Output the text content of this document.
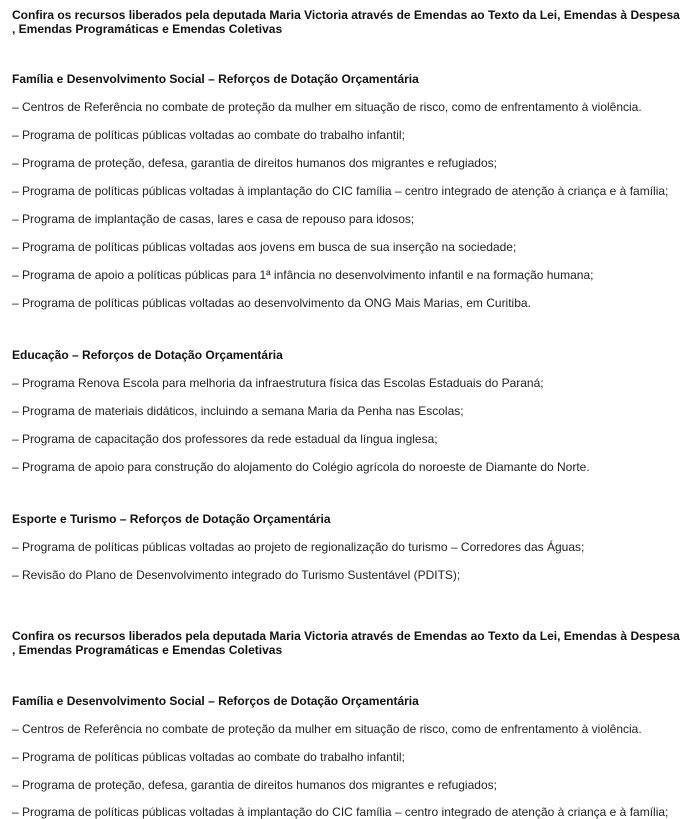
Confira os recursos liberados pela deputada Maria Victoria através de Emendas ao Texto da Lei, Emendas à Despesa

, Emendas Programáticas e Emendas Coletivas

Família e Desenvolvimento Social – Reforços de Dotação Orçamentária

– Centros de Referência no combate de proteção da mulher em situação de risco, como de enfrentamento à violência.

– Programa de políticas públicas voltadas ao combate do trabalho infantil;

– Programa de proteção, defesa, garantia de direitos humanos dos migrantes e refugiados;

– Programa de políticas públicas voltadas à implantação do CIC família – centro integrado de atenção à criança e à família;

– Programa de implantação de casas, lares e casa de repouso para idosos;

– Programa de políticas públicas voltadas aos jovens em busca de sua inserção na sociedade;

– Programa de apoio a políticas públicas para 1ª infância no desenvolvimento infantil e na formação humana;

– Programa de políticas públicas voltadas ao desenvolvimento da ONG Mais Marias, em Curitiba.

Educação – Reforços de Dotação Orçamentária

– Programa Renova Escola para melhoria da infraestrutura física das Escolas Estaduais do Paraná;

– Programa de materiais didáticos, incluindo a semana Maria da Penha nas Escolas;

– Programa de capacitação dos professores da rede estadual da língua inglesa;

– Programa de apoio para construção do alojamento do Colégio agrícola do noroeste de Diamante do Norte.

Esporte e Turismo – Reforços de Dotação Orçamentária

– Programa de políticas públicas voltadas ao projeto de regionalização do turismo – Corredores das Águas;

– Revisão do Plano de Desenvolvimento integrado do Turismo Sustentável (PDITS);

Confira os recursos liberados pela deputada Maria Victoria através de Emendas ao Texto da Lei, Emendas à Despesa

, Emendas Programáticas e Emendas Coletivas

Família e Desenvolvimento Social – Reforços de Dotação Orçamentária

– Centros de Referência no combate de proteção da mulher em situação de risco, como de enfrentamento à violência.

– Programa de políticas públicas voltadas ao combate do trabalho infantil;

– Programa de proteção, defesa, garantia de direitos humanos dos migrantes e refugiados;

– Programa de políticas públicas voltadas à implantação do CIC família – centro integrado de atenção à criança e à família;
